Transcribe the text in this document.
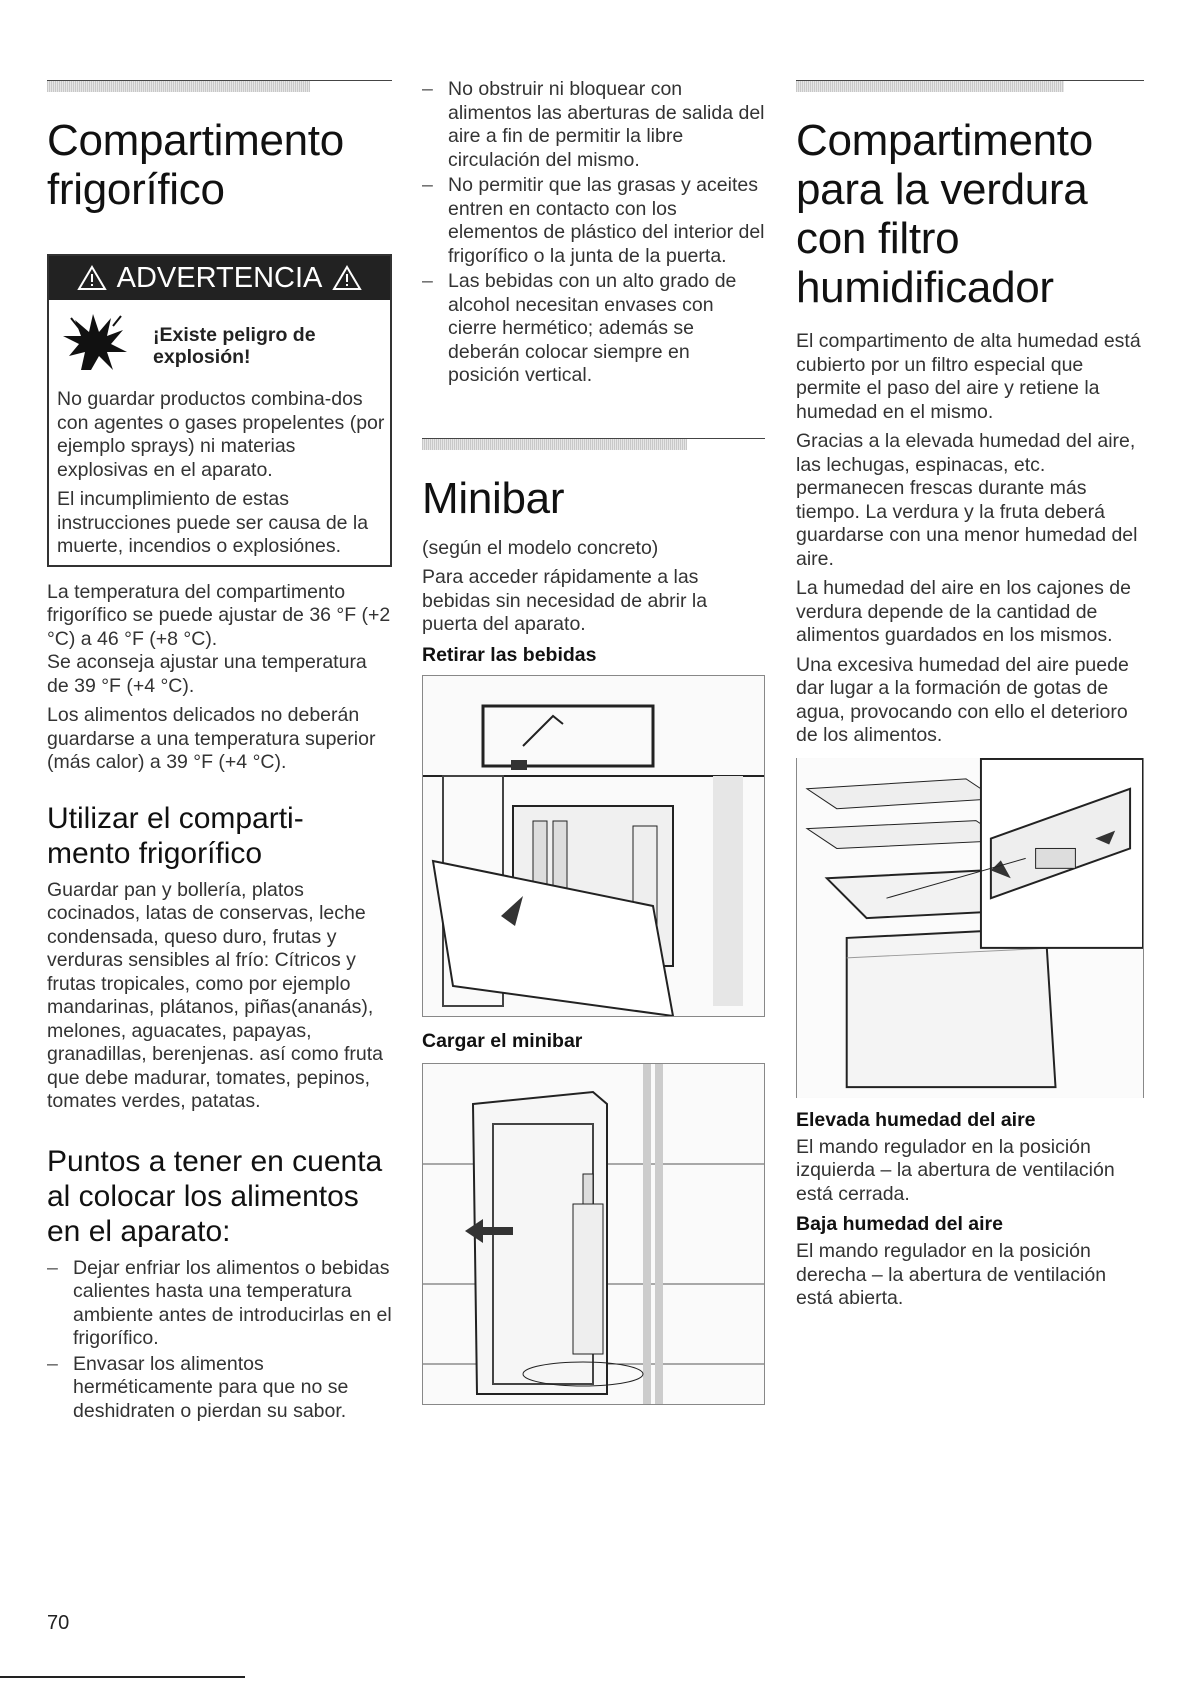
Compartimento
frigorífico
ADVERTENCIA
¡Existe peligro de
explosión!

No guardar productos combina-dos con agentes o gases propelentes (por ejemplo sprays) ni materias explosivas en el aparato.

El incumplimiento de estas instrucciones puede ser causa de la muerte, incendios o explosiónes.

La temperatura del compartimento frigorífico se puede ajustar de 36 °F (+2 °C) a 46 °F (+8 °C).

Se aconseja ajustar una temperatura de 39 °F (+4 °C).

Los alimentos delicados no deberán guardarse a una temperatura superior (más calor) a 39 °F (+4 °C).

Utilizar el comparti-
mento frigorífico

Guardar pan y bollería, platos cocinados, latas de conservas, leche condensada, queso duro, frutas y verduras sensibles al frío: Cítricos y frutas tropicales, como por ejemplo mandarinas, plátanos, piñas(ananás), melones, aguacates, papayas, granadillas, berenjenas. así como fruta que debe madurar, tomates, pepinos, tomates verdes, patatas.

Puntos a tener en cuenta al colocar los alimentos en el aparato:
– Dejar enfriar los alimentos o bebidas calientes hasta una temperatura ambiente antes de introducirlas en el frigorífico.
– Envasar los alimentos herméticamente para que no se deshidraten o pierdan su sabor.
– No obstruir ni bloquear con alimentos las aberturas de salida del aire a fin de permitir la libre circulación del mismo.
– No permitir que las grasas y aceites entren en contacto con los elementos de plástico del interior del frigorífico o la junta de la puerta.
– Las bebidas con un alto grado de alcohol necesitan envases con cierre hermético; además se deberán colocar siempre en posición vertical.
Minibar

(según el modelo concreto)

Para acceder rápidamente a las bebidas sin necesidad de abrir la puerta del aparato.

Retirar las bebidas
Cargar el minibar
Compartimento
para la verdura
con filtro
humidificador

El compartimento de alta humedad está cubierto por un filtro especial que permite el paso del aire y retiene la humedad en el mismo.

Gracias a la elevada humedad del aire, las lechugas, espinacas, etc. permanecen frescas durante más tiempo. La verdura y la fruta deberá guardarse con una menor humedad del aire.

La humedad del aire en los cajones de verdura depende de la cantidad de alimentos guardados en los mismos.

Una excesiva humedad del aire puede dar lugar a la formación de gotas de agua, provocando con ello el deterioro de los alimentos.

Elevada humedad del aire

El mando regulador en la posición izquierda – la abertura de ventilación está cerrada.

Baja humedad del aire

El mando regulador en la posición derecha – la abertura de ventilación está abierta.

70
